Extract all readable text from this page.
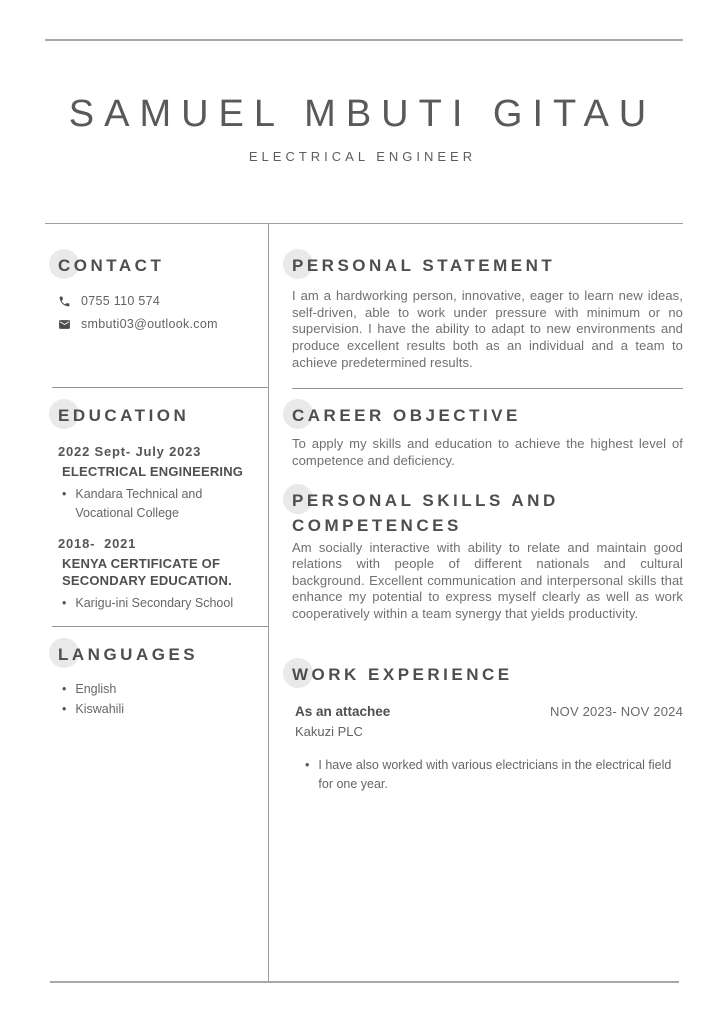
SAMUEL MBUTI GITAU
ELECTRICAL ENGINEER
CONTACT
0755 110 574
smbuti03@outlook.com
EDUCATION
2022 Sept- July 2023
ELECTRICAL ENGINEERING
• Kandara Technical and Vocational College
2018-  2021
KENYA CERTIFICATE OF SECONDARY EDUCATION.
• Karigu-ini Secondary School
LANGUAGES
• English
• Kiswahili
PERSONAL STATEMENT

I am a hardworking person, innovative, eager to learn new ideas, self-driven, able to work under pressure with minimum or no supervision. I have the ability to adapt to new environments and produce excellent results both as an individual and a team to achieve predetermined results.

CAREER OBJECTIVE

To apply my skills and education to achieve the highest level of competence and deficiency.

PERSONAL SKILLS AND COMPETENCES

Am socially interactive with ability to relate and maintain good relations with people of different nationals and cultural background. Excellent communication and interpersonal skills that enhance my potential to express myself clearly as well as work cooperatively within a team synergy that yields productivity.

WORK EXPERIENCE
As an attachee	NOV 2023- NOV 2024
Kakuzi PLC
• I have also worked with various electricians in the electrical field for one year.
